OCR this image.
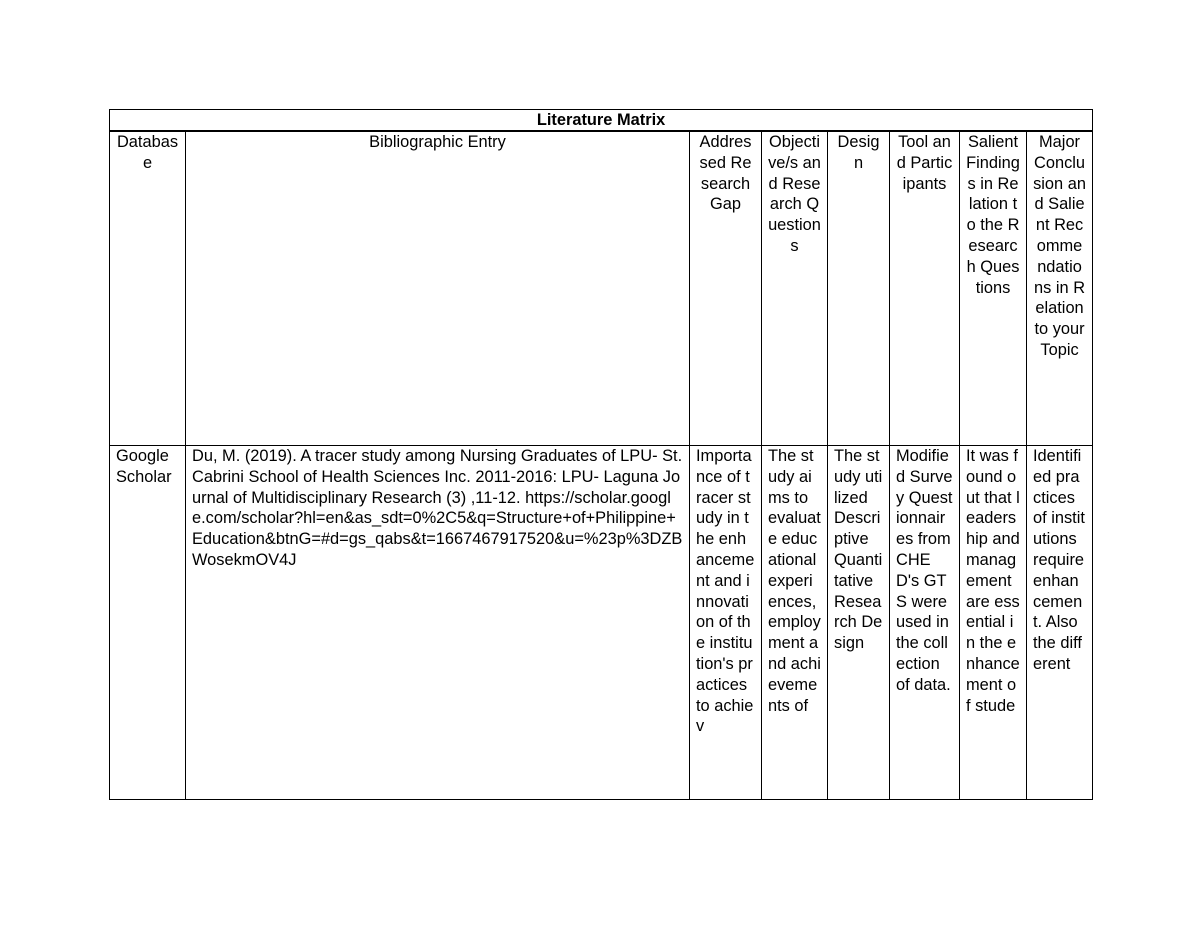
Literature Matrix							

Database	Bibliographic Entry	Addressed Research Gap	Objective/s and Research Questions	Design	Tool and Participants	Salient Findings in Relation to the Research Questions	Major Conclusion and Salient Recommendations in Relation to your Topic

Google Scholar	Du, M. (2019). A tracer study among Nursing Graduates of LPU- St. Cabrini School of Health Sciences Inc. 2011-2016: LPU- Laguna Journal of Multidisciplinary Research (3) ,11-12. https://scholar.google.com/scholar?hl=en&as_sdt=0%2C5&q=Structure+of+Philippine+Education&btnG=#d=gs_qabs&t=1667467917520&u=%23p%3DZBWosekmOV4J	Importance of tracer study in the enhancement and innovation of the institution's practices to achiev	The study aims to evaluate educational experiences, employment and achievements of	The study utilized Descriptive Quantitative Research Design	Modified Survey Questionnaires from CHED's GTS were used in the collection of data.	It was found out that leadership and management are essential in the enhancement of stude	Identified practices of institutions require enhancement. Also the different
